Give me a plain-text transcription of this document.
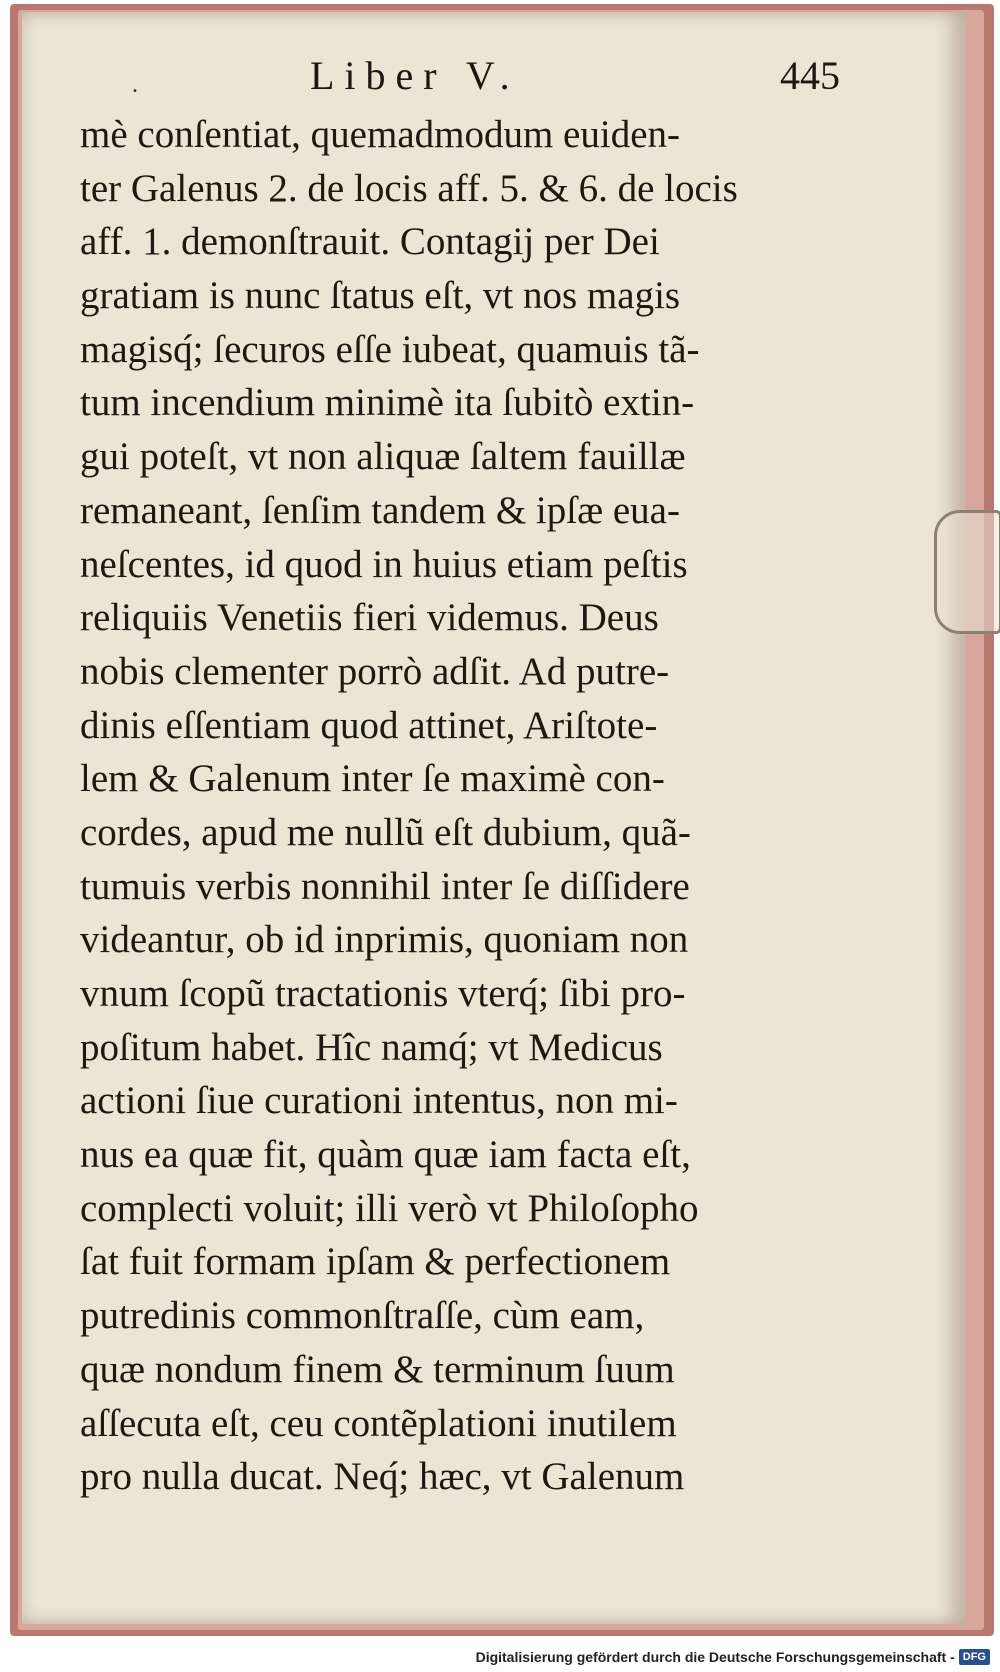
.	Liber V.	445
mè conſentiat, quemadmodum euiden-
ter Galenus 2. de locis aff. 5. & 6. de locis
aff. 1. demonſtrauit. Contagij per Dei
gratiam is nunc ſtatus eſt, vt nos magis
magisq́; ſecuros eſſe iubeat, quamuis tã-
tum incendium minimè ita ſubitò extin-
gui poteſt, vt non aliquæ ſaltem fauillæ
remaneant, ſenſim tandem & ipſæ eua-
neſcentes, id quod in huius etiam peſtis
reliquiis Venetiis fieri videmus. Deus
nobis clementer porrò adſit. Ad putre-
dinis eſſentiam quod attinet, Ariſtote-
lem & Galenum inter ſe maximè con-
cordes, apud me nullũ eſt dubium, quã-
tumuis verbis nonnihil inter ſe diſſidere
videantur, ob id inprimis, quoniam non
vnum ſcopũ tractationis vterq́; ſibi pro-
poſitum habet. Hîc namq́; vt Medicus
actioni ſiue curationi intentus, non mi-
nus ea quæ fit, quàm quæ iam facta eſt,
complecti voluit; illi verò vt Philoſopho
ſat fuit formam ipſam & perfectionem
putredinis commonſtraſſe, cùm eam,
quæ nondum finem & terminum ſuum
aſſecuta eſt, ceu contẽplationi inutilem
pro nulla ducat. Neq́; hæc, vt Galenum
Digitalisierung gefördert durch die Deutsche Forschungsgemeinschaft - DFG
